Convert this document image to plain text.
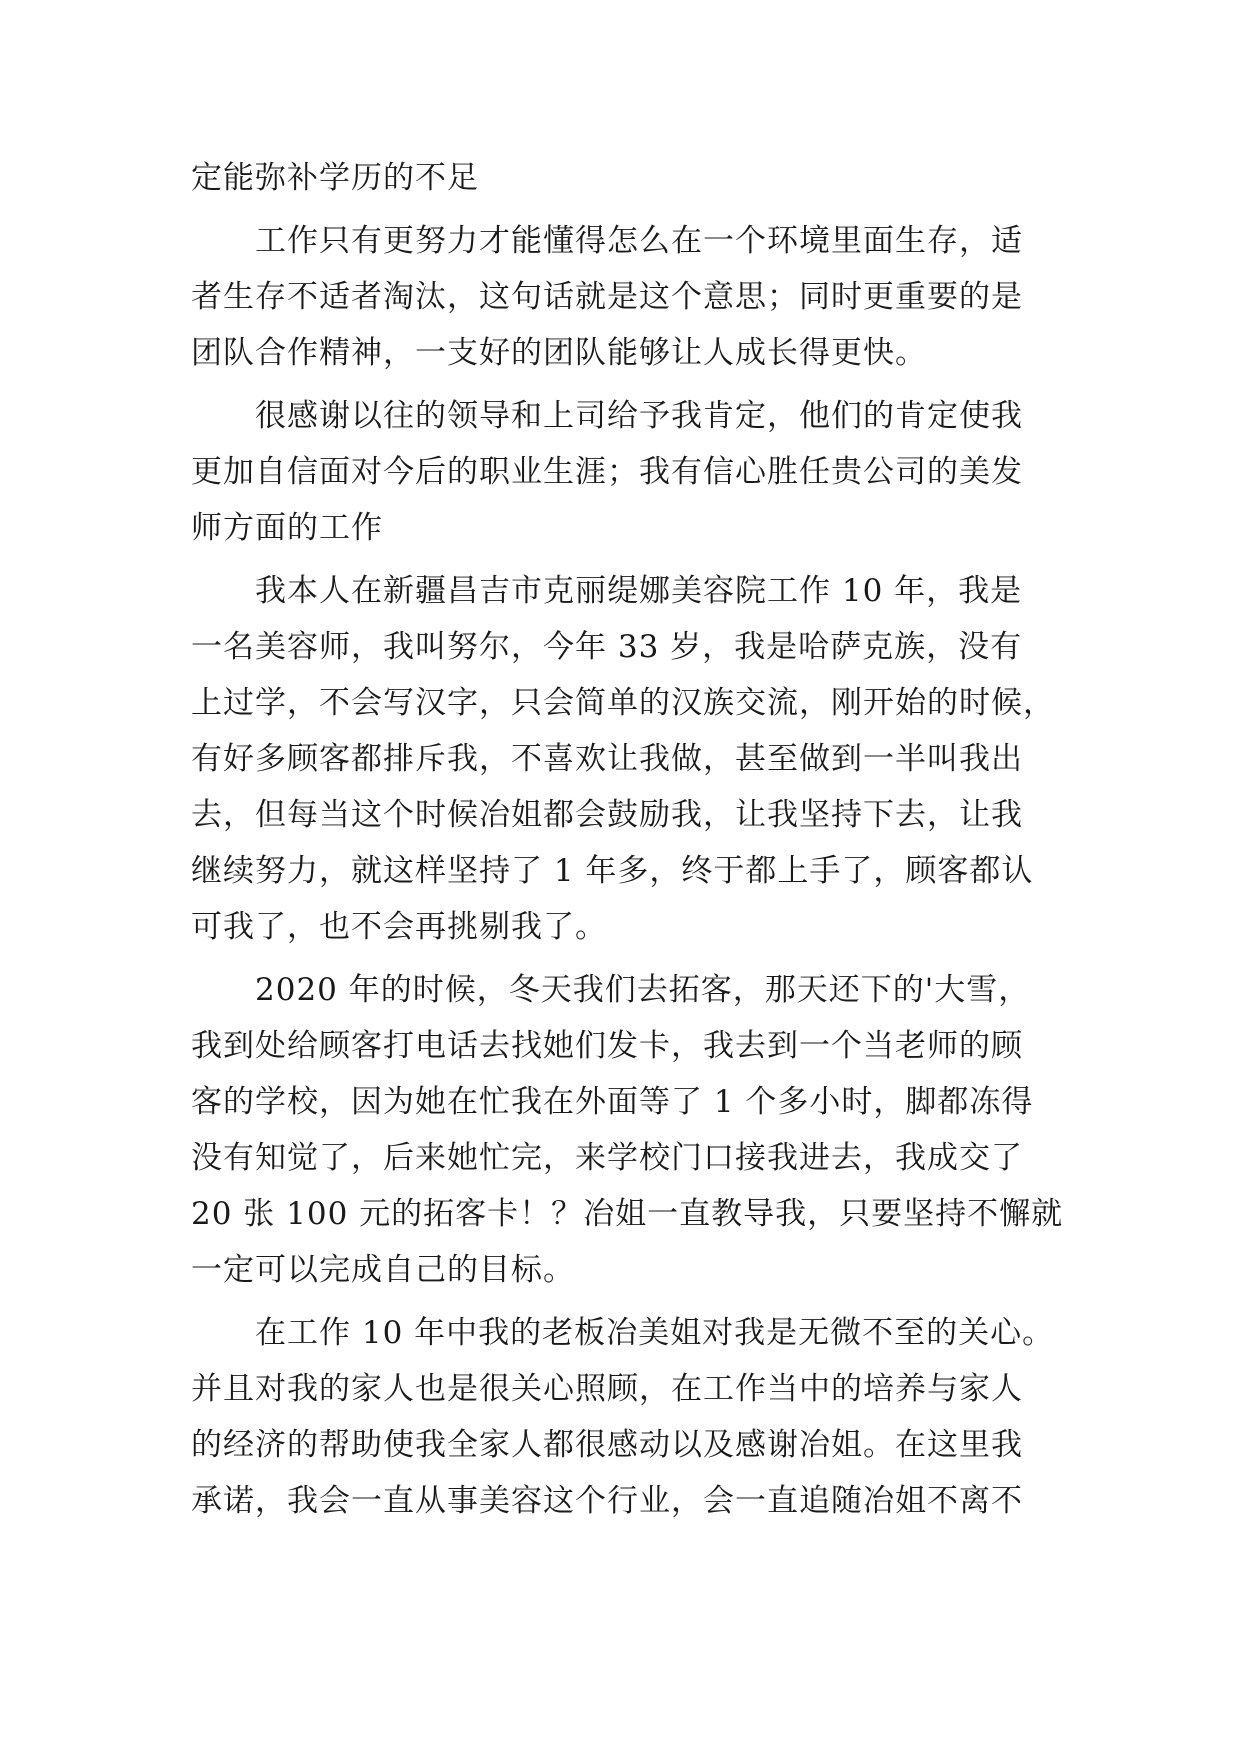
定能弥补学历的不足
工作只有更努力才能懂得怎么在一个环境里面生存，适
者生存不适者淘汰，这句话就是这个意思；同时更重要的是
团队合作精神，一支好的团队能够让人成长得更快。
很感谢以往的领导和上司给予我肯定，他们的肯定使我
更加自信面对今后的职业生涯；我有信心胜任贵公司的美发
师方面的工作
我本人在新疆昌吉市克丽缇娜美容院工作 10 年，我是
一名美容师，我叫努尔，今年 33 岁，我是哈萨克族，没有
上过学，不会写汉字，只会简单的汉族交流，刚开始的时候，
有好多顾客都排斥我，不喜欢让我做，甚至做到一半叫我出
去，但每当这个时候冶姐都会鼓励我，让我坚持下去，让我
继续努力，就这样坚持了 1 年多，终于都上手了，顾客都认
可我了，也不会再挑剔我了。
2020 年的时候，冬天我们去拓客，那天还下的'大雪，
我到处给顾客打电话去找她们发卡，我去到一个当老师的顾
客的学校，因为她在忙我在外面等了 1 个多小时，脚都冻得
没有知觉了，后来她忙完，来学校门口接我进去，我成交了
20 张 100 元的拓客卡！？冶姐一直教导我，只要坚持不懈就
一定可以完成自己的目标。
在工作 10 年中我的老板冶美姐对我是无微不至的关心。
并且对我的家人也是很关心照顾，在工作当中的培养与家人
的经济的帮助使我全家人都很感动以及感谢冶姐。在这里我
承诺，我会一直从事美容这个行业，会一直追随冶姐不离不
